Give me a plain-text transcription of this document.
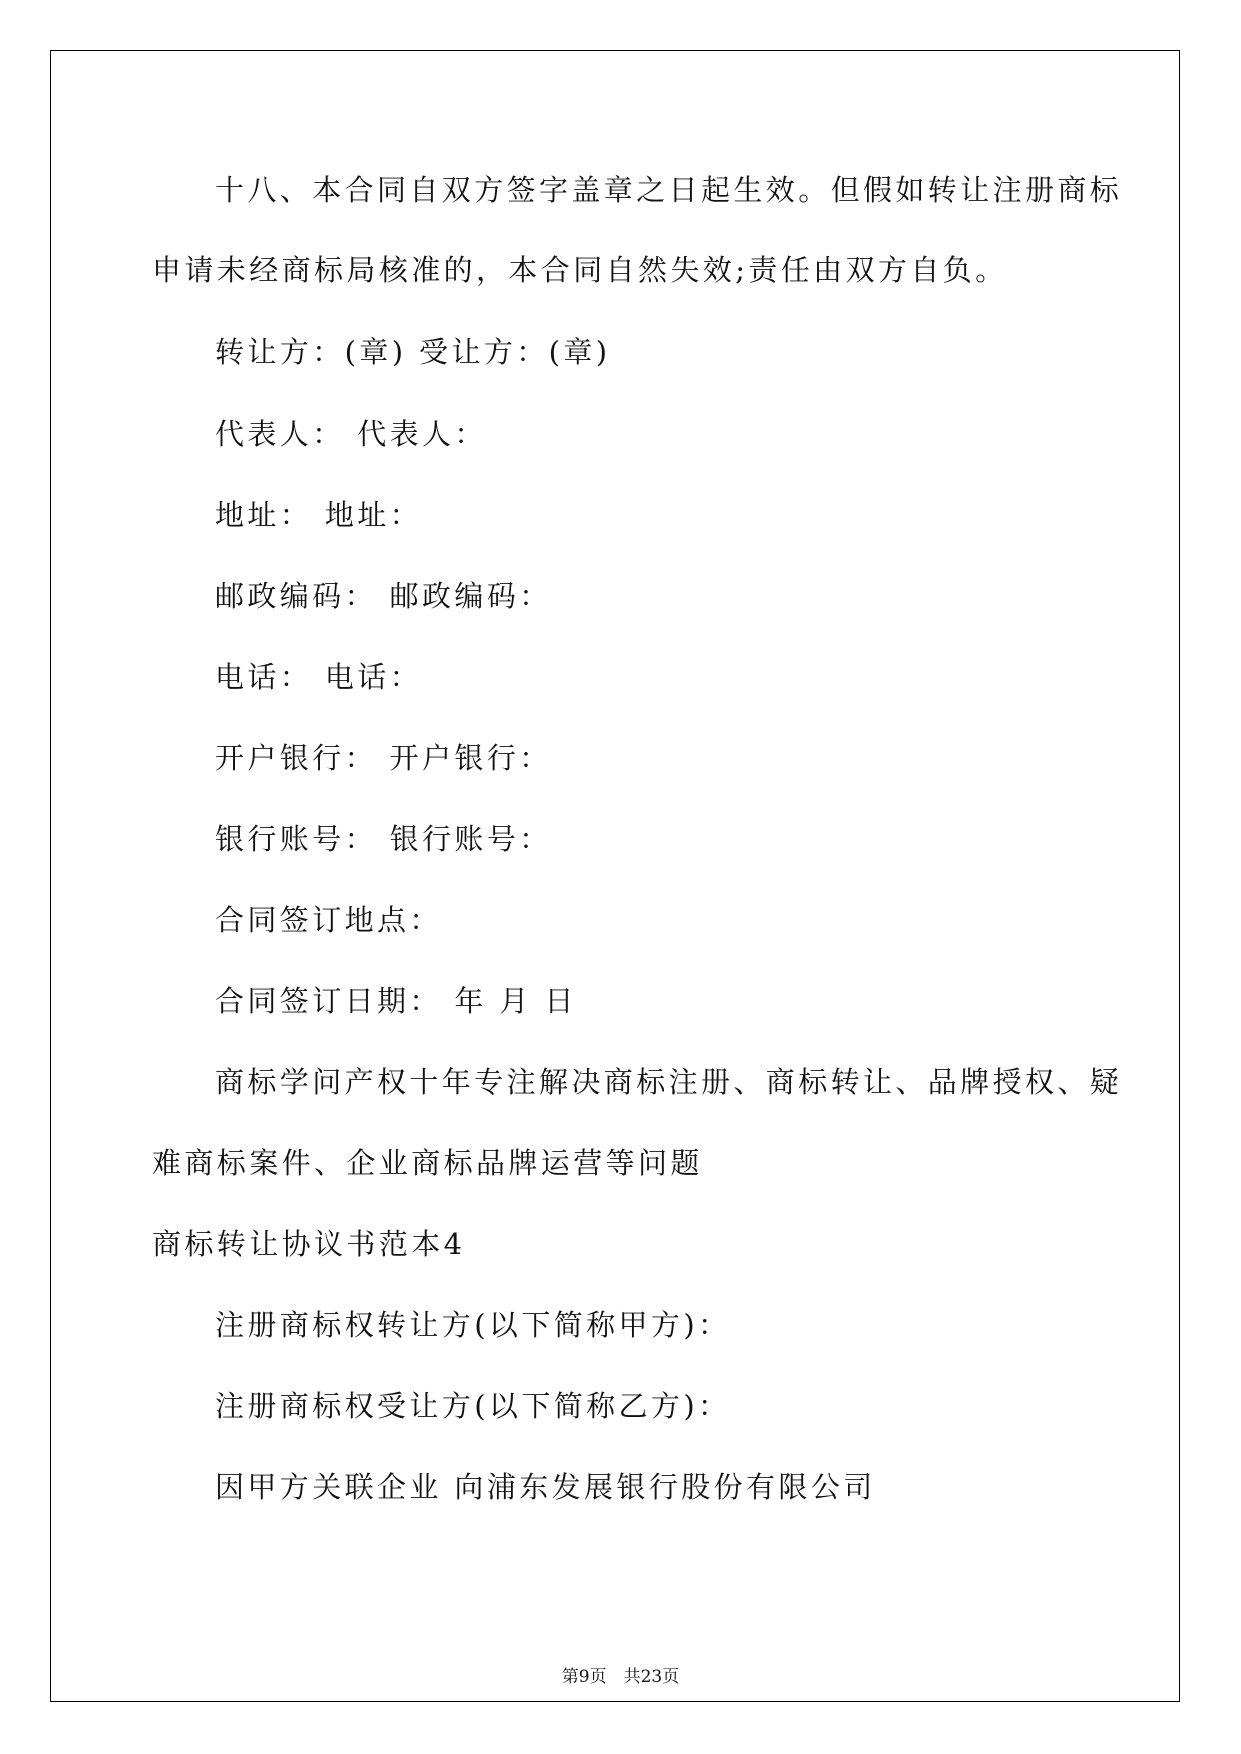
十八、本合同自双方签字盖章之日起生效。但假如转让注册商标
申请未经商标局核准的，本合同自然失效;责任由双方自负。
转让方：(章) 受让方：(章)
代表人： 代表人：
地址： 地址：
邮政编码： 邮政编码：
电话： 电话：
开户银行： 开户银行：
银行账号： 银行账号：
合同签订地点：
合同签订日期： 年 月 日
商标学问产权十年专注解决商标注册、商标转让、品牌授权、疑
难商标案件、企业商标品牌运营等问题
商标转让协议书范本4
注册商标权转让方(以下简称甲方)：
注册商标权受让方(以下简称乙方)：
因甲方关联企业 向浦东发展银行股份有限公司
第9页　共23页
